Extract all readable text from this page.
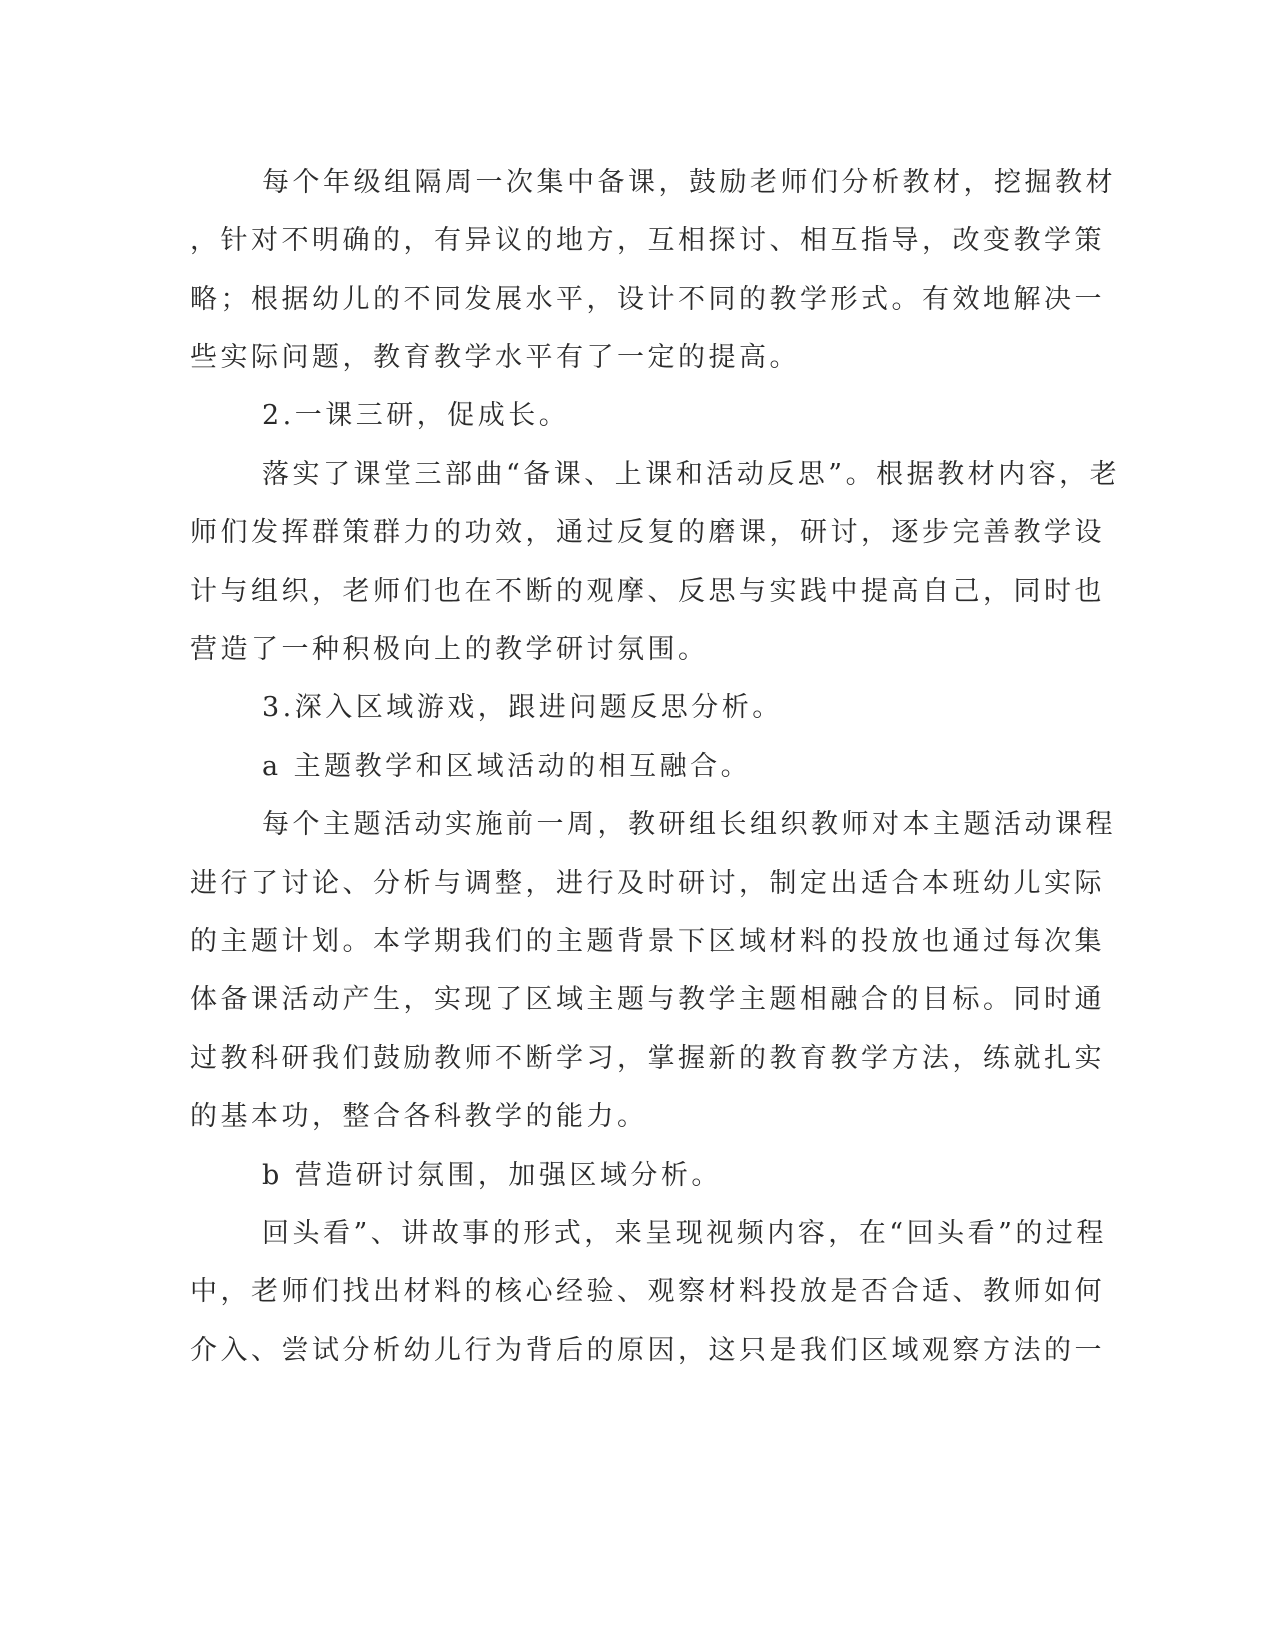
每个年级组隔周一次集中备课，鼓励老师们分析教材，挖掘教材

，针对不明确的，有异议的地方，互相探讨、相互指导，改变教学策

略；根据幼儿的不同发展水平，设计不同的教学形式。有效地解决一

些实际问题，教育教学水平有了一定的提高。

2.一课三研，促成长。

落实了课堂三部曲“备课、上课和活动反思”。根据教材内容，老

师们发挥群策群力的功效，通过反复的磨课，研讨，逐步完善教学设

计与组织，老师们也在不断的观摩、反思与实践中提高自己，同时也

营造了一种积极向上的教学研讨氛围。

3.深入区域游戏，跟进问题反思分析。

a 主题教学和区域活动的相互融合。

每个主题活动实施前一周，教研组长组织教师对本主题活动课程

进行了讨论、分析与调整，进行及时研讨，制定出适合本班幼儿实际

的主题计划。本学期我们的主题背景下区域材料的投放也通过每次集

体备课活动产生，实现了区域主题与教学主题相融合的目标。同时通

过教科研我们鼓励教师不断学习，掌握新的教育教学方法，练就扎实

的基本功，整合各科教学的能力。

b 营造研讨氛围，加强区域分析。

回头看”、讲故事的形式，来呈现视频内容，在“回头看”的过程

中，老师们找出材料的核心经验、观察材料投放是否合适、教师如何

介入、尝试分析幼儿行为背后的原因，这只是我们区域观察方法的一
